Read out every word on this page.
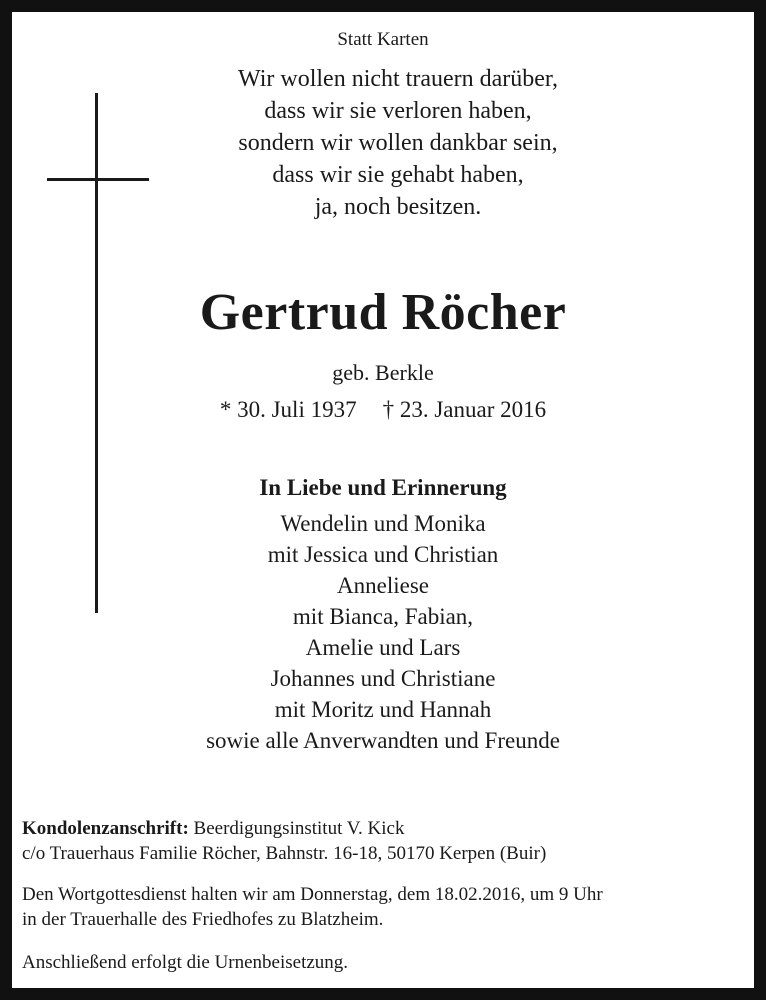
Statt Karten
Wir wollen nicht trauern darüber,
dass wir sie verloren haben,
sondern wir wollen dankbar sein,
dass wir sie gehabt haben,
ja, noch besitzen.
Gertrud Röcher
geb. Berkle
* 30. Juli 1937 † 23. Januar 2016
In Liebe und Erinnerung
Wendelin und Monika
mit Jessica und Christian
Anneliese
mit Bianca, Fabian,
Amelie und Lars
Johannes und Christiane
mit Moritz und Hannah
sowie alle Anverwandten und Freunde
Kondolenzanschrift: Beerdigungsinstitut V. Kick
c/o Trauerhaus Familie Röcher, Bahnstr. 16-18, 50170 Kerpen (Buir)
Den Wortgottesdienst halten wir am Donnerstag, dem 18.02.2016, um 9 Uhr
in der Trauerhalle des Friedhofes zu Blatzheim.
Anschließend erfolgt die Urnenbeisetzung.
